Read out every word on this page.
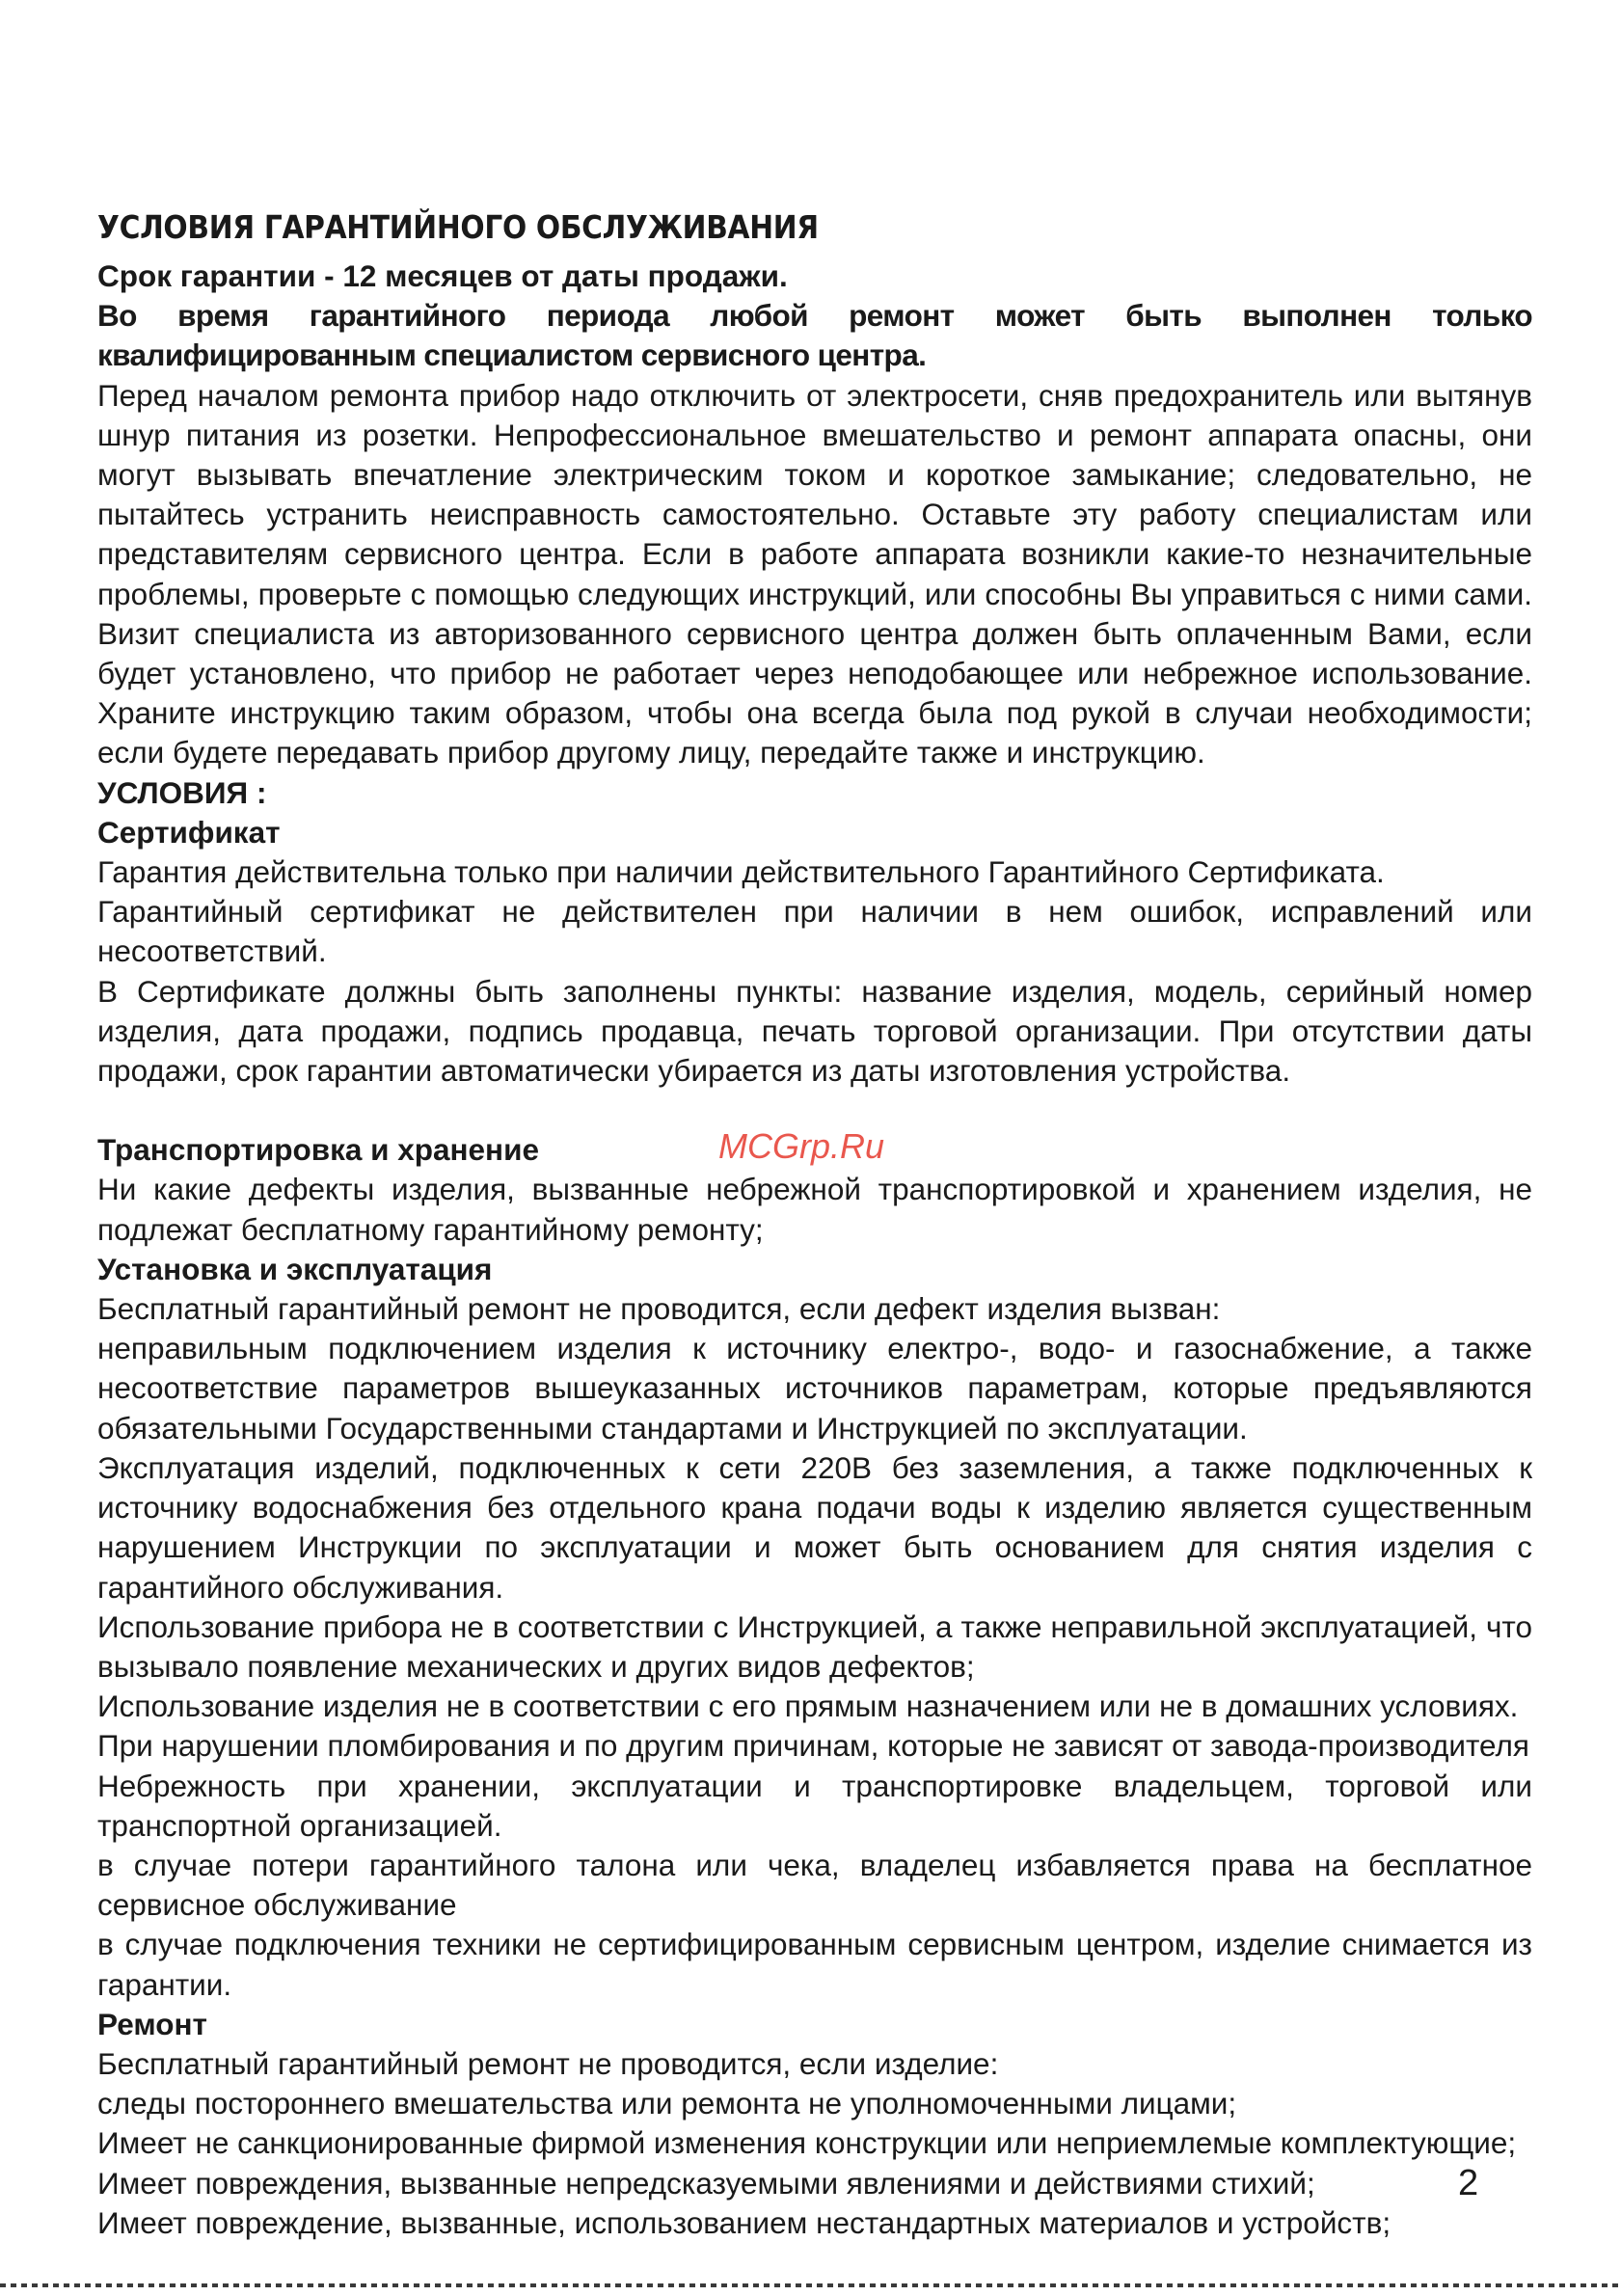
УСЛОВИЯ ГАРАНТИЙНОГО ОБСЛУЖИВАНИЯ

Срок гарантии - 12 месяцев от даты продажи.

Во время гарантийного периода любой ремонт может быть выполнен только квалифицированным специалистом сервисного центра.

Перед началом ремонта прибор надо отключить от электросети, сняв предохранитель или вытянув шнур питания из розетки. Непрофессиональное вмешательство и ремонт аппарата опасны, они могут вызывать впечатление электрическим током и короткое замыкание; следовательно, не пытайтесь устранить неисправность самостоятельно. Оставьте эту работу специалистам или представителям сервисного центра. Если в работе аппарата возникли какие-то незначительные проблемы, проверьте с помощью следующих инструкций, или способны Вы управиться с ними сами. Визит специалиста из авторизованного сервисного центра должен быть оплаченным Вами, если будет установлено, что прибор не работает через неподобающее или небрежное использование. Храните инструкцию таким образом, чтобы она всегда была под рукой в случаи необходимости; если будете передавать прибор другому лицу, передайте также и инструкцию.

УСЛОВИЯ :

Сертификат

Гарантия действительна только при наличии действительного Гарантийного Сертификата.

Гарантийный сертификат не действителен при наличии в нем ошибок, исправлений или несоответствий.

В Сертификате должны быть заполнены пункты: название изделия, модель, серийный номер изделия, дата продажи, подпись продавца, печать торговой организации. При отсутствии даты продажи, срок гарантии автоматически убирается из даты изготовления устройства.

Транспортировка и хранение

Ни какие дефекты изделия, вызванные небрежной транспортировкой и хранением изделия, не подлежат бесплатному гарантийному ремонту;

Установка и эксплуатация

Бесплатный гарантийный ремонт не проводится, если дефект изделия вызван:

неправильным подключением изделия к источнику електро-, водо- и газоснабжение, а также несоответствие параметров вышеуказанных источников параметрам, которые предъявляются обязательными Государственными стандартами и Инструкцией по эксплуатации.

Эксплуатация изделий, подключенных к сети 220В без заземления, а также подключенных к источнику водоснабжения без отдельного крана подачи воды к изделию является существенным нарушением Инструкции по эксплуатации и может быть основанием для снятия изделия с гарантийного обслуживания.

Использование прибора не в соответствии с Инструкцией, а также неправильной эксплуатацией, что вызывало появление механических и других видов дефектов;

Использование изделия не в соответствии с его прямым назначением или не в домашних условиях.

При нарушении пломбирования и по другим причинам, которые не зависят от завода-производителя

Небрежность при хранении, эксплуатации и транспортировке владельцем, торговой или транспортной организацией.

в случае потери гарантийного талона или чека, владелец избавляется права на бесплатное сервисное обслуживание

в случае подключения техники не сертифицированным сервисным центром, изделие снимается из гарантии.

Ремонт

Бесплатный гарантийный ремонт не проводится, если изделие:

следы постороннего вмешательства или ремонта не уполномоченными лицами;

Имеет не санкционированные фирмой изменения конструкции или неприемлемые комплектующие;

Имеет повреждения, вызванные непредсказуемыми явлениями и действиями стихий;

Имеет повреждение, вызванные, использованием нестандартных материалов и устройств;

MCGrp.Ru
2
